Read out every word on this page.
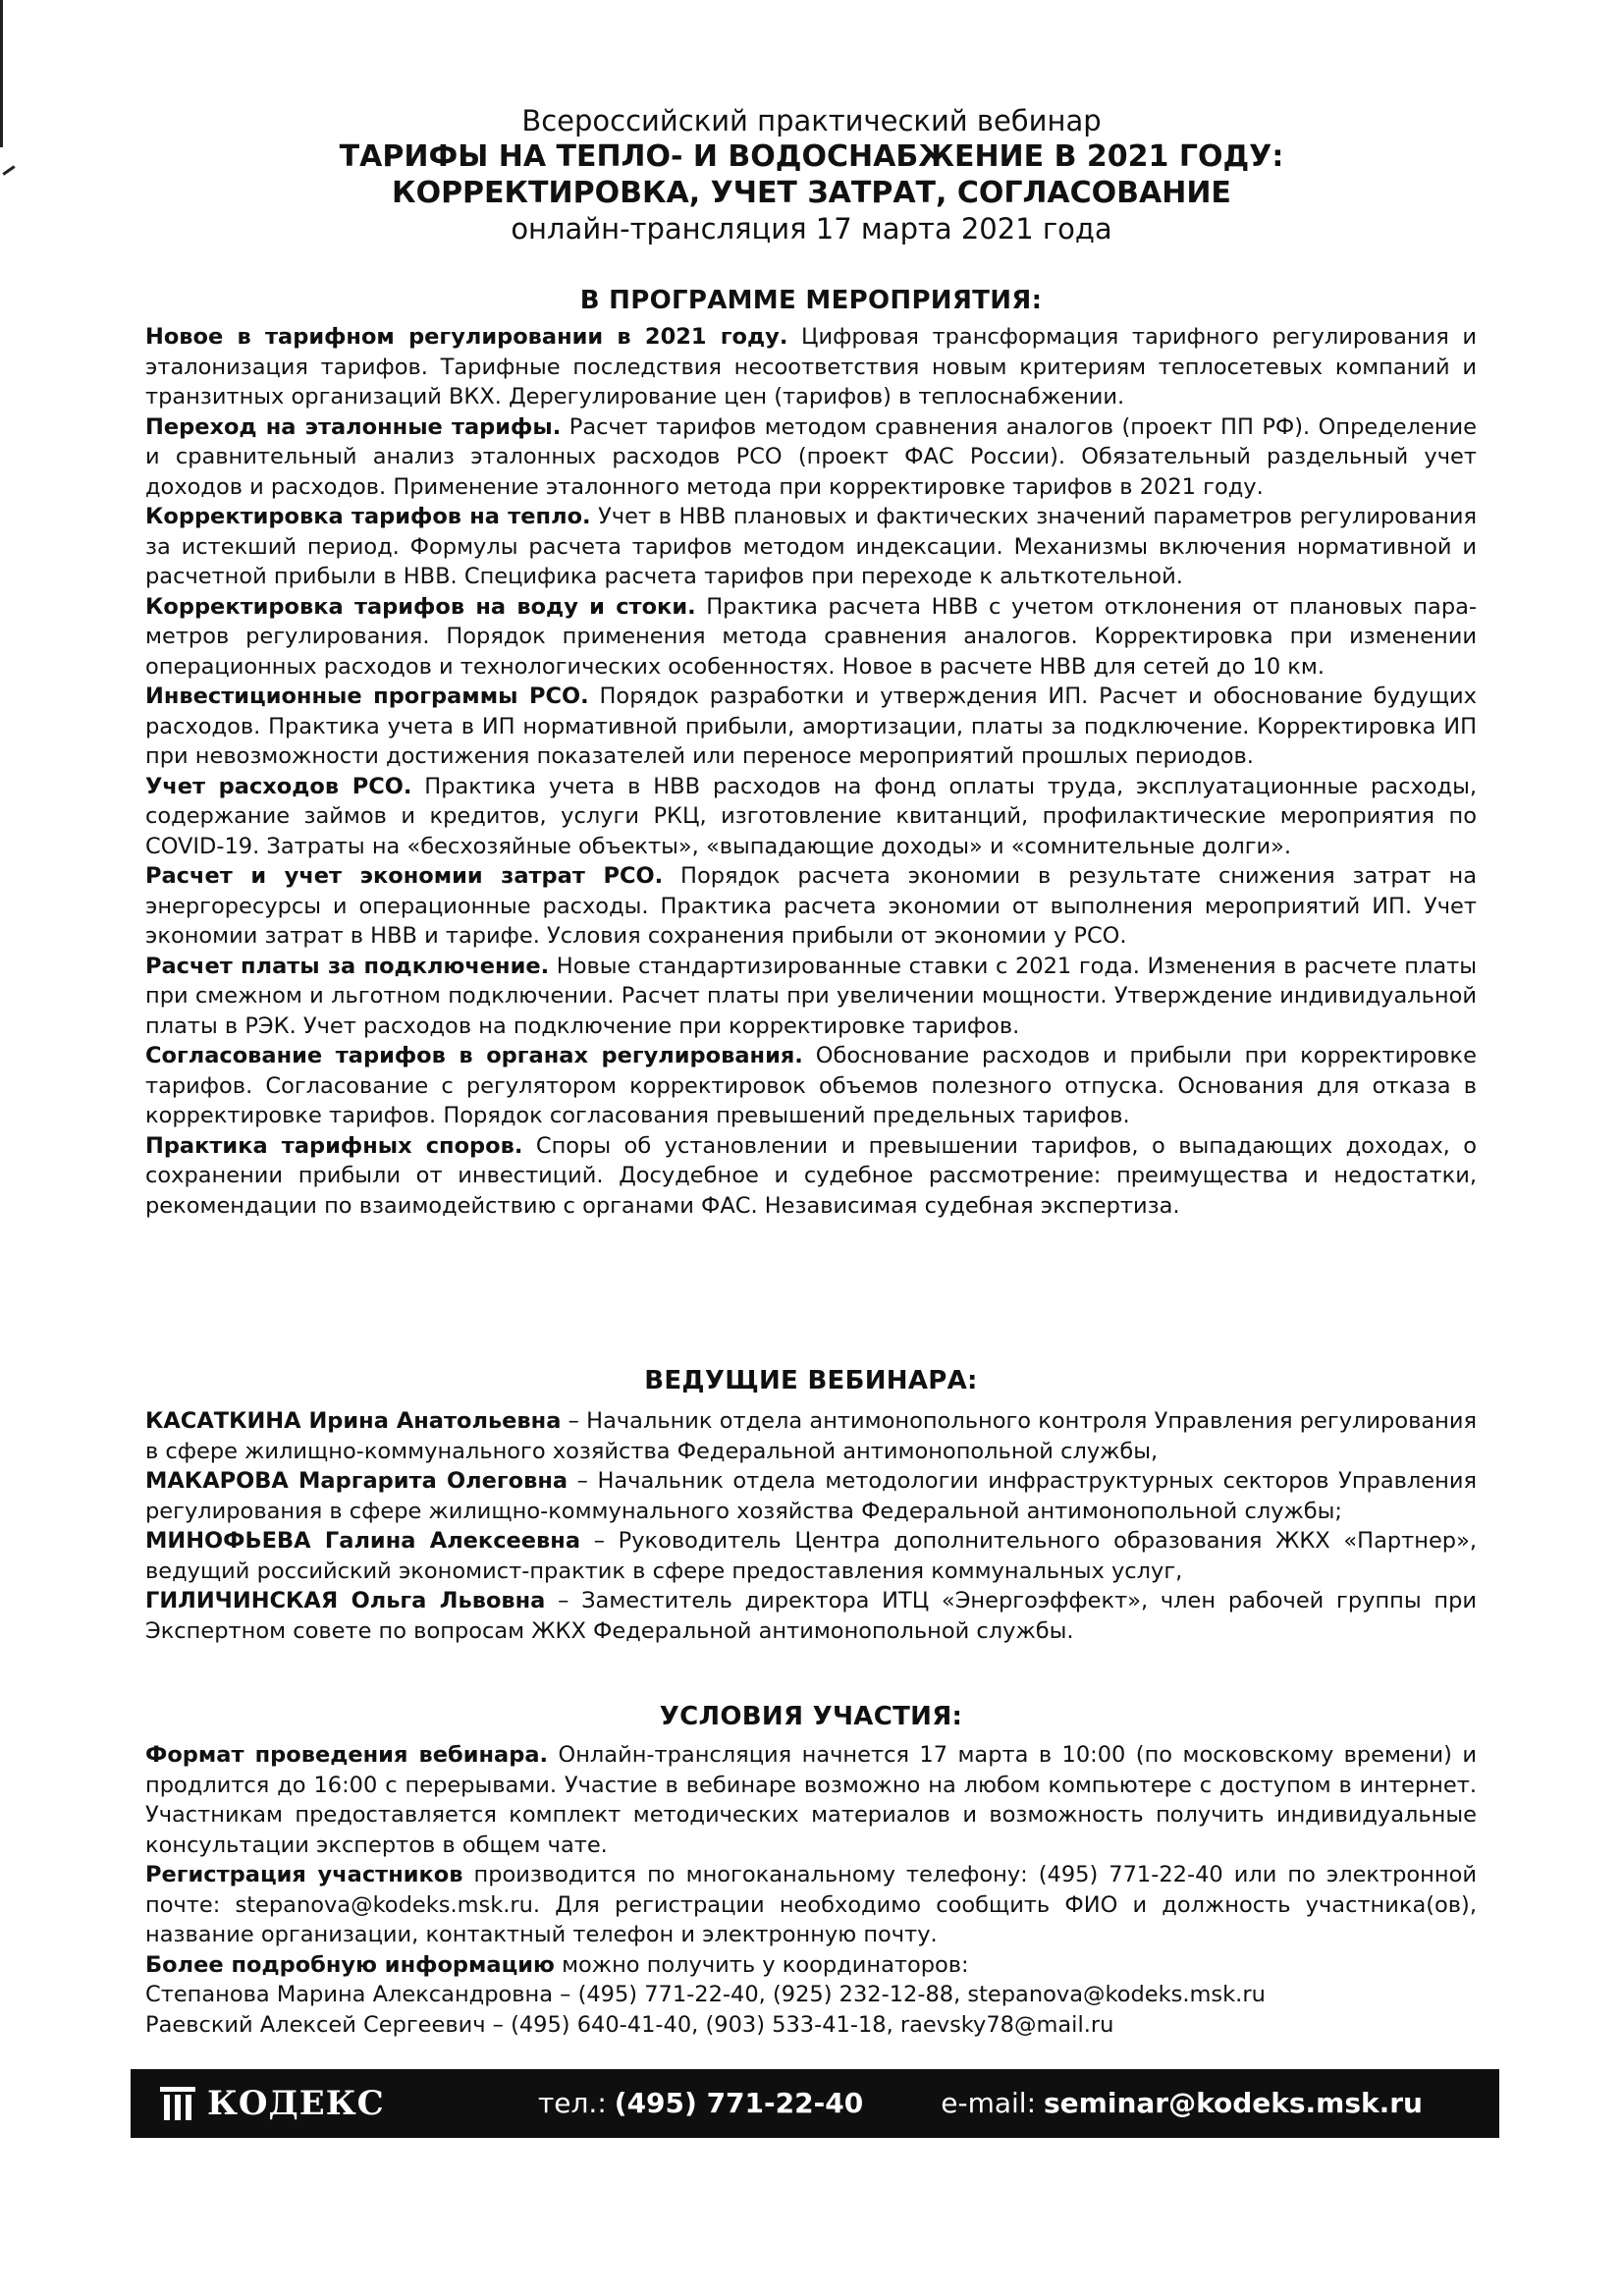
Всероссийский практический вебинар
ТАРИФЫ НА ТЕПЛО- И ВОДОСНАБЖЕНИЕ В 2021 ГОДУ:
КОРРЕКТИРОВКА, УЧЕТ ЗАТРАТ, СОГЛАСОВАНИЕ
онлайн-трансляция 17 марта 2021 года
В ПРОГРАММЕ МЕРОПРИЯТИЯ:

Новое в тарифном регулировании в 2021 году. Цифровая трансформация тарифного регулирования и эталонизация тарифов. Тарифные последствия несоответствия новым критериям теплосетевых компаний и транзитных организаций ВКХ. Дерегулирование цен (тарифов) в теплоснабжении.

Переход на эталонные тарифы. Расчет тарифов методом сравнения аналогов (проект ПП РФ). Определение и сравнительный анализ эталонных расходов РСО (проект ФАС России). Обязательный раздельный учет доходов и расходов. Применение эталонного метода при корректировке тарифов в 2021 году.

Корректировка тарифов на тепло. Учет в НВВ плановых и фактических значений параметров регулирования за истекший период. Формулы расчета тарифов методом индексации. Механизмы включения нормативной и расчетной прибыли в НВВ. Специфика расчета тарифов при переходе к альткотельной.

Корректировка тарифов на воду и стоки. Практика расчета НВВ с учетом отклонения от плановых пара-метров регулирования. Порядок применения метода сравнения аналогов. Корректировка при изменении операционных расходов и технологических особенностях. Новое в расчете НВВ для сетей до 10 км.

Инвестиционные программы РСО. Порядок разработки и утверждения ИП. Расчет и обоснование будущих расходов. Практика учета в ИП нормативной прибыли, амортизации, платы за подключение. Корректировка ИП при невозможности достижения показателей или переносе мероприятий прошлых периодов.

Учет расходов РСО. Практика учета в НВВ расходов на фонд оплаты труда, эксплуатационные расходы, содержание займов и кредитов, услуги РКЦ, изготовление квитанций, профилактические мероприятия по COVID-19. Затраты на «бесхозяйные объекты», «выпадающие доходы» и «сомнительные долги».

Расчет и учет экономии затрат РСО. Порядок расчета экономии в результате снижения затрат на энергоресурсы и операционные расходы. Практика расчета экономии от выполнения мероприятий ИП. Учет экономии затрат в НВВ и тарифе. Условия сохранения прибыли от экономии у РСО.

Расчет платы за подключение. Новые стандартизированные ставки с 2021 года. Изменения в расчете платы при смежном и льготном подключении. Расчет платы при увеличении мощности. Утверждение индивидуальной платы в РЭК. Учет расходов на подключение при корректировке тарифов.

Согласование тарифов в органах регулирования. Обоснование расходов и прибыли при корректировке тарифов. Согласование с регулятором корректировок объемов полезного отпуска. Основания для отказа в корректировке тарифов. Порядок согласования превышений предельных тарифов.

Практика тарифных споров. Споры об установлении и превышении тарифов, о выпадающих доходах, о сохранении прибыли от инвестиций. Досудебное и судебное рассмотрение: преимущества и недостатки, рекомендации по взаимодействию с органами ФАС. Независимая судебная экспертиза.

ВЕДУЩИЕ ВЕБИНАРА:

КАСАТКИНА Ирина Анатольевна – Начальник отдела антимонопольного контроля Управления регулирования в сфере жилищно-коммунального хозяйства Федеральной антимонопольной службы,

МАКАРОВА Маргарита Олеговна – Начальник отдела методологии инфраструктурных секторов Управления регулирования в сфере жилищно-коммунального хозяйства Федеральной антимонопольной службы;

МИНОФЬЕВА Галина Алексеевна – Руководитель Центра дополнительного образования ЖКХ «Партнер», ведущий российский экономист-практик в сфере предоставления коммунальных услуг,

ГИЛИЧИНСКАЯ Ольга Львовна – Заместитель директора ИТЦ «Энергоэффект», член рабочей группы при Экспертном совете по вопросам ЖКХ Федеральной антимонопольной службы.

УСЛОВИЯ УЧАСТИЯ:

Формат проведения вебинара. Онлайн-трансляция начнется 17 марта в 10:00 (по московскому времени) и продлится до 16:00 с перерывами. Участие в вебинаре возможно на любом компьютере с доступом в интернет. Участникам предоставляется комплект методических материалов и возможность получить индивидуальные консультации экспертов в общем чате.

Регистрация участников производится по многоканальному телефону: (495) 771-22-40 или по электронной почте: stepanova@kodeks.msk.ru. Для регистрации необходимо сообщить ФИО и должность участника(ов), название организации, контактный телефон и электронную почту.

Более подробную информацию можно получить у координаторов:

Степанова Марина Александровна – (495) 771-22-40, (925) 232-12-88, stepanova@kodeks.msk.ru

Раевский Алексей Сергеевич – (495) 640-41-40, (903) 533-41-18, raevsky78@mail.ru

КОДЕКС	тел.: (495) 771-22-40	e-mail: seminar@kodeks.msk.ru
